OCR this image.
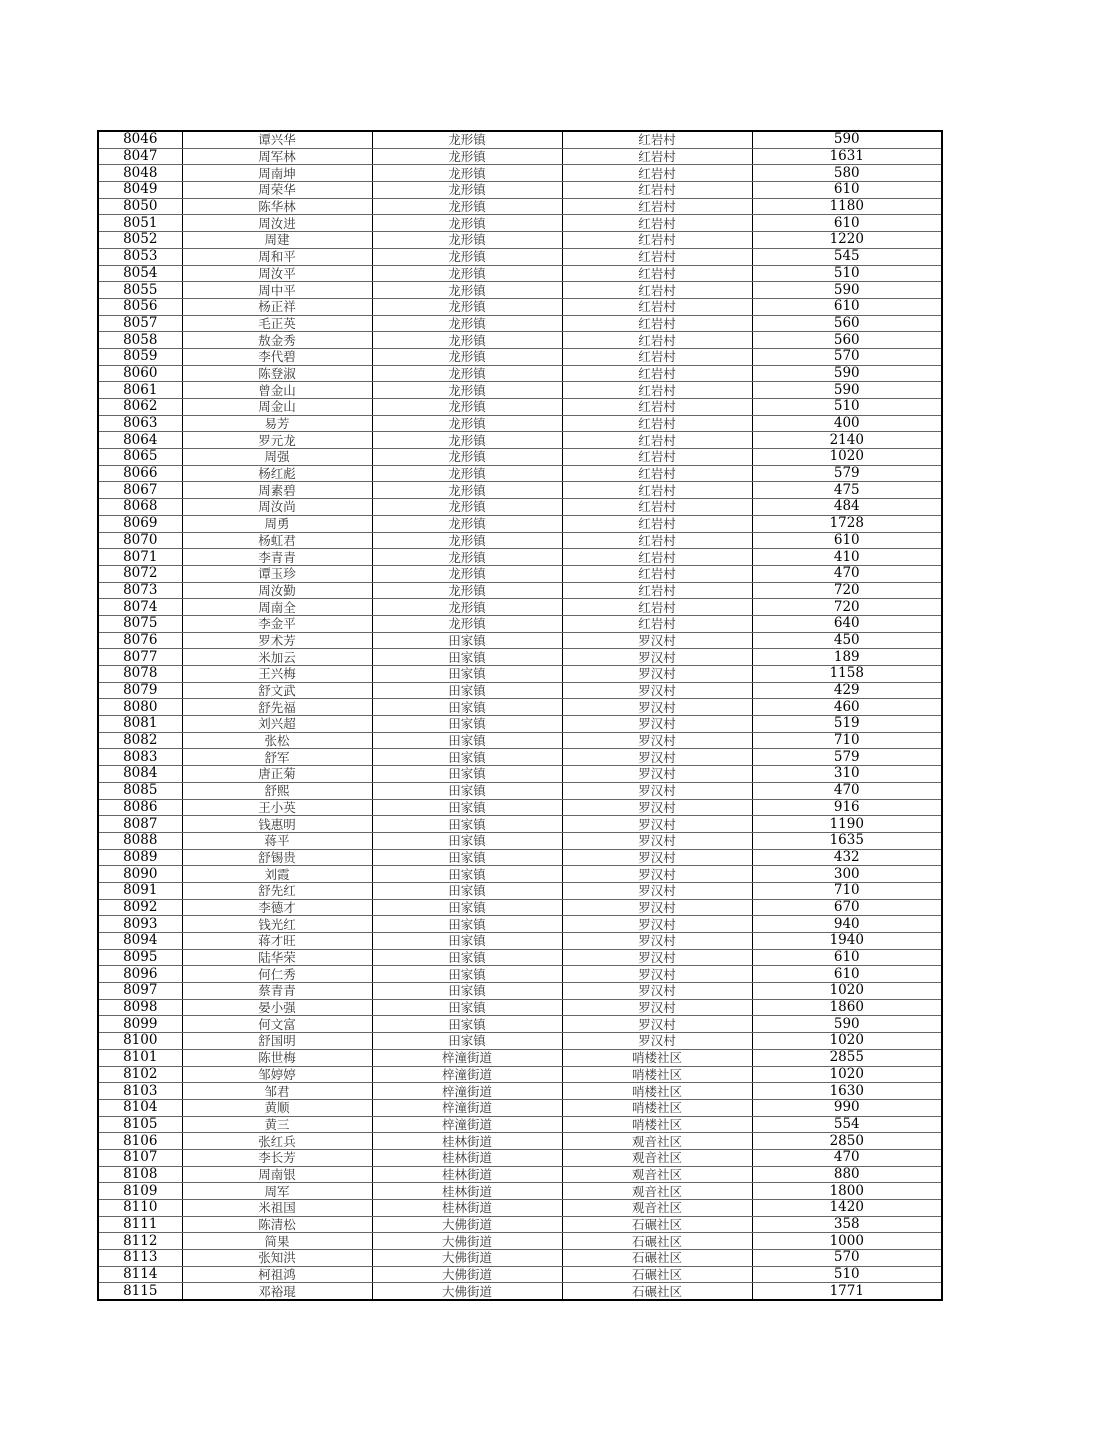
8046	谭兴华	龙形镇	红岩村	590
8047	周军林	龙形镇	红岩村	1631
8048	周南坤	龙形镇	红岩村	580
8049	周荣华	龙形镇	红岩村	610
8050	陈华林	龙形镇	红岩村	1180
8051	周汝进	龙形镇	红岩村	610
8052	周建	龙形镇	红岩村	1220
8053	周和平	龙形镇	红岩村	545
8054	周汝平	龙形镇	红岩村	510
8055	周中平	龙形镇	红岩村	590
8056	杨正祥	龙形镇	红岩村	610
8057	毛正英	龙形镇	红岩村	560
8058	敖金秀	龙形镇	红岩村	560
8059	李代碧	龙形镇	红岩村	570
8060	陈登淑	龙形镇	红岩村	590
8061	曾金山	龙形镇	红岩村	590
8062	周金山	龙形镇	红岩村	510
8063	易芳	龙形镇	红岩村	400
8064	罗元龙	龙形镇	红岩村	2140
8065	周强	龙形镇	红岩村	1020
8066	杨红彪	龙形镇	红岩村	579
8067	周素碧	龙形镇	红岩村	475
8068	周汝尚	龙形镇	红岩村	484
8069	周勇	龙形镇	红岩村	1728
8070	杨虹君	龙形镇	红岩村	610
8071	李青青	龙形镇	红岩村	410
8072	谭玉珍	龙形镇	红岩村	470
8073	周汝勤	龙形镇	红岩村	720
8074	周南全	龙形镇	红岩村	720
8075	李金平	龙形镇	红岩村	640
8076	罗术芳	田家镇	罗汉村	450
8077	米加云	田家镇	罗汉村	189
8078	王兴梅	田家镇	罗汉村	1158
8079	舒文武	田家镇	罗汉村	429
8080	舒先福	田家镇	罗汉村	460
8081	刘兴超	田家镇	罗汉村	519
8082	张松	田家镇	罗汉村	710
8083	舒军	田家镇	罗汉村	579
8084	唐正菊	田家镇	罗汉村	310
8085	舒熙	田家镇	罗汉村	470
8086	王小英	田家镇	罗汉村	916
8087	钱惠明	田家镇	罗汉村	1190
8088	蒋平	田家镇	罗汉村	1635
8089	舒锡贵	田家镇	罗汉村	432
8090	刘霞	田家镇	罗汉村	300
8091	舒先红	田家镇	罗汉村	710
8092	李德才	田家镇	罗汉村	670
8093	钱光红	田家镇	罗汉村	940
8094	蒋才旺	田家镇	罗汉村	1940
8095	陆华荣	田家镇	罗汉村	610
8096	何仁秀	田家镇	罗汉村	610
8097	蔡青青	田家镇	罗汉村	1020
8098	晏小强	田家镇	罗汉村	1860
8099	何文富	田家镇	罗汉村	590
8100	舒国明	田家镇	罗汉村	1020
8101	陈世梅	梓潼街道	哨楼社区	2855
8102	邹婷婷	梓潼街道	哨楼社区	1020
8103	邹君	梓潼街道	哨楼社区	1630
8104	黄顺	梓潼街道	哨楼社区	990
8105	黄三	梓潼街道	哨楼社区	554
8106	张红兵	桂林街道	观音社区	2850
8107	李长芳	桂林街道	观音社区	470
8108	周南银	桂林街道	观音社区	880
8109	周军	桂林街道	观音社区	1800
8110	米祖国	桂林街道	观音社区	1420
8111	陈清松	大佛街道	石碾社区	358
8112	简果	大佛街道	石碾社区	1000
8113	张知洪	大佛街道	石碾社区	570
8114	柯祖鸿	大佛街道	石碾社区	510
8115	邓裕琨	大佛街道	石碾社区	1771
